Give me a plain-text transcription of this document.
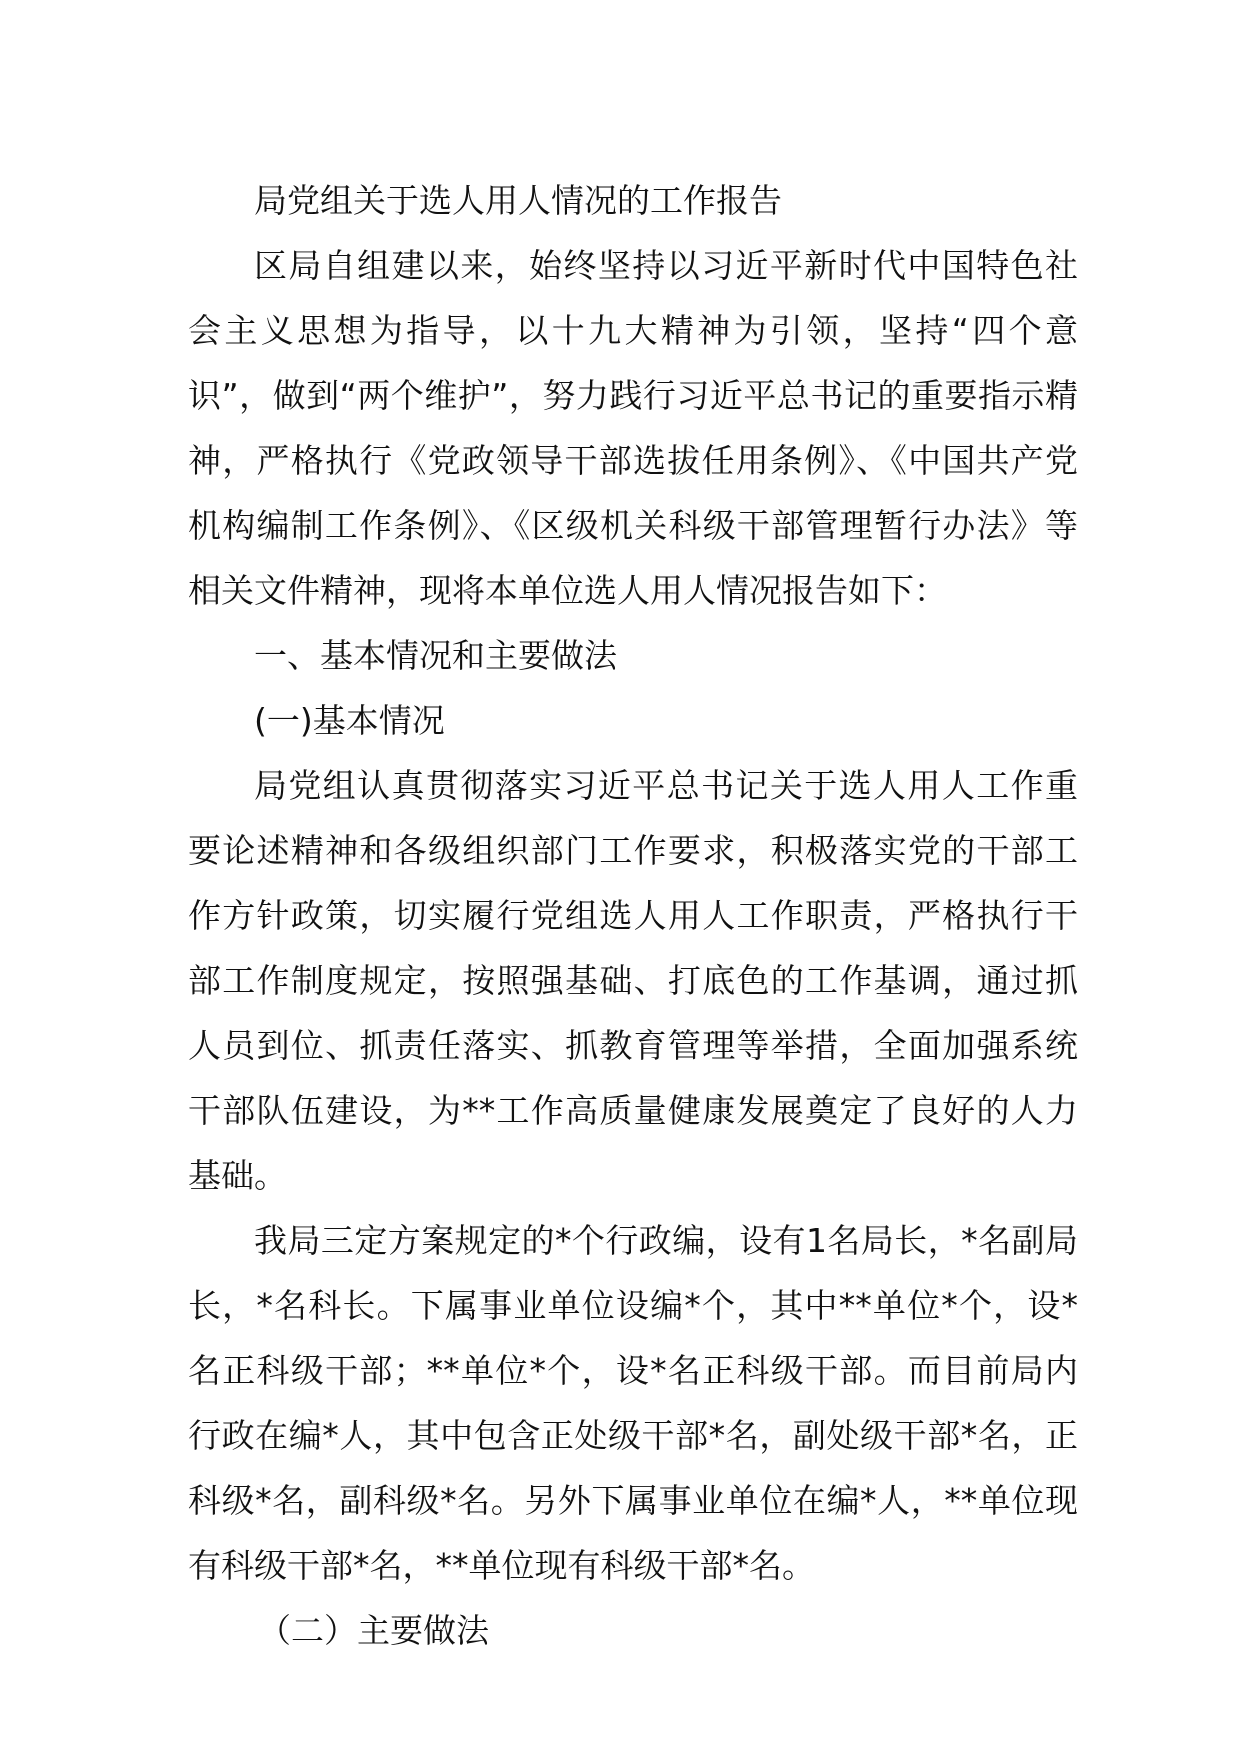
局党组关于选人用人情况的工作报告

区局自组建以来，始终坚持以习近平新时代中国特色社会主义思想为指导，以十九大精神为引领，坚持“四个意识”，做到“两个维护”，努力践行习近平总书记的重要指示精神，严格执行《党政领导干部选拔任用条例》、《中国共产党机构编制工作条例》、《区级机关科级干部管理暂行办法》等相关文件精神，现将本单位选人用人情况报告如下：

一、基本情况和主要做法

(一)基本情况

局党组认真贯彻落实习近平总书记关于选人用人工作重要论述精神和各级组织部门工作要求，积极落实党的干部工作方针政策，切实履行党组选人用人工作职责，严格执行干部工作制度规定，按照强基础、打底色的工作基调，通过抓人员到位、抓责任落实、抓教育管理等举措，全面加强系统干部队伍建设，为**工作高质量健康发展奠定了良好的人力基础。

我局三定方案规定的*个行政编，设有1名局长，*名副局长，*名科长。下属事业单位设编*个，其中**单位*个，设*名正科级干部；**单位*个，设*名正科级干部。而目前局内行政在编*人，其中包含正处级干部*名，副处级干部*名，正科级*名，副科级*名。另外下属事业单位在编*人，**单位现有科级干部*名，**单位现有科级干部*名。

（二）主要做法
